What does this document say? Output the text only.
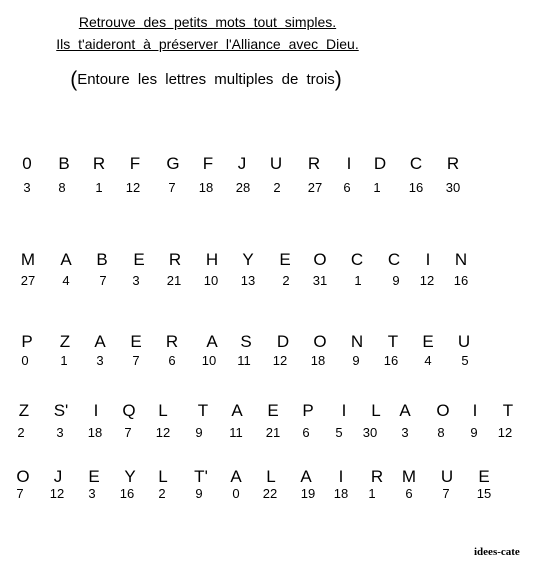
Retrouve des petits mots tout simples.
Ils t'aideront à préserver l'Alliance avec Dieu.
(Entoure les lettres multiples de trois)
0
3
B
8
R
1
F
12
G
7
F
18
J
28
U
2
R
27
I
6
D
1
C
16
R
30
M
27
A
4
B
7
E
3
R
21
H
10
Y
13
E
2
O
31
C
1
C
9
I
12
N
16
P
0
Z
1
A
3
E
7
R
6
A
10
S
11
D
12
O
18
N
9
T
16
E
4
U
5
Z
2
S'
3
I
18
Q
7
L
12
T
9
A
11
E
21
P
6
I
5
L
30
A
3
O
8
I
9
T
12
O
7
J
12
E
3
Y
16
L
2
T'
9
A
0
L
22
A
19
I
18
R
1
M
6
U
7
E
15
idees-cate
